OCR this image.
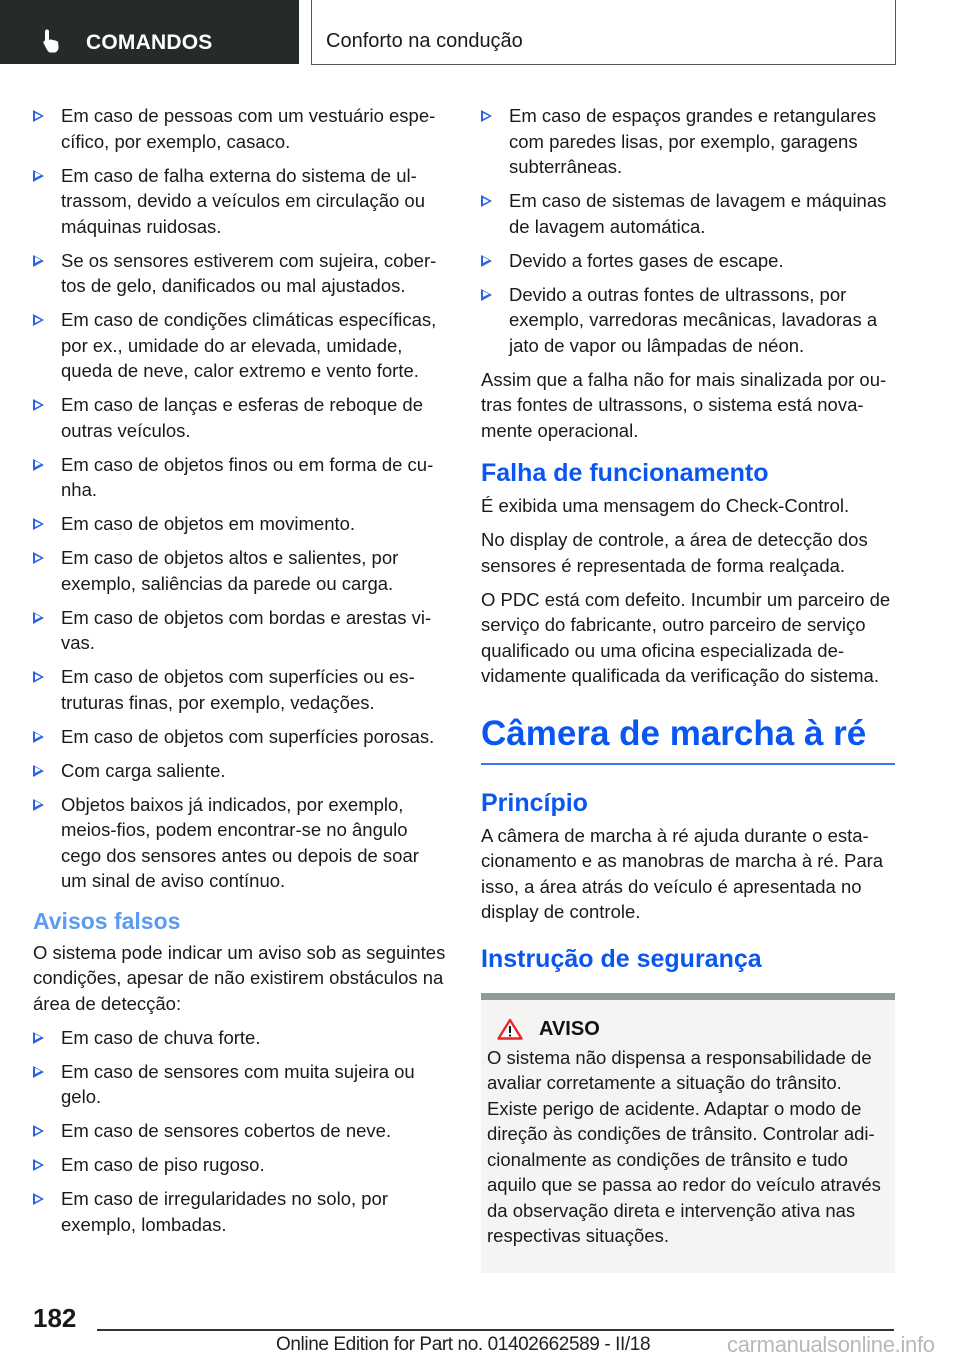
COMANDOS	Conforto na condução
Em caso de pessoas com um vestuário específico, por exemplo, casaco.
Em caso de falha externa do sistema de ultrassom, devido a veículos em circulação ou máquinas ruidosas.
Se os sensores estiverem com sujeira, cobertos de gelo, danificados ou mal ajustados.
Em caso de condições climáticas específicas, por ex., umidade do ar elevada, umidade, queda de neve, calor extremo e vento forte.
Em caso de lanças e esferas de reboque de outras veículos.
Em caso de objetos finos ou em forma de cunha.
Em caso de objetos em movimento.
Em caso de objetos altos e salientes, por exemplo, saliências da parede ou carga.
Em caso de objetos com bordas e arestas vivas.
Em caso de objetos com superfícies ou estruturas finas, por exemplo, vedações.
Em caso de objetos com superfícies porosas.
Com carga saliente.
Objetos baixos já indicados, por exemplo, meios-fios, podem encontrar-se no ângulo cego dos sensores antes ou depois de soar um sinal de aviso contínuo.
Avisos falsos

O sistema pode indicar um aviso sob as seguintes condições, apesar de não existirem obstáculos na área de detecção:

Em caso de chuva forte.
Em caso de sensores com muita sujeira ou gelo.
Em caso de sensores cobertos de neve.
Em caso de piso rugoso.
Em caso de irregularidades no solo, por exemplo, lombadas.
Em caso de espaços grandes e retangulares com paredes lisas, por exemplo, garagens subterrâneas.
Em caso de sistemas de lavagem e máquinas de lavagem automática.
Devido a fortes gases de escape.
Devido a outras fontes de ultrassons, por exemplo, varredoras mecânicas, lavadoras a jato de vapor ou lâmpadas de néon.

Assim que a falha não for mais sinalizada por outras fontes de ultrassons, o sistema está novamente operacional.

Falha de funcionamento

É exibida uma mensagem do Check-Control.

No display de controle, a área de detecção dos sensores é representada de forma realçada.

O PDC está com defeito. Incumbir um parceiro de serviço do fabricante, outro parceiro de serviço qualificado ou uma oficina especializada devidamente qualificada da verificação do sistema.

Câmera de marcha à ré
Princípio

A câmera de marcha à ré ajuda durante o estacionamento e as manobras de marcha à ré. Para isso, a área atrás do veículo é apresentada no display de controle.

Instrução de segurança
AVISO

O sistema não dispensa a responsabilidade de avaliar corretamente a situação do trânsito. Existe perigo de acidente. Adaptar o modo de direção às condições de trânsito. Controlar adicionalmente as condições de trânsito e tudo aquilo que se passa ao redor do veículo através da observação direta e intervenção ativa nas respectivas situações.

182
Online Edition for Part no. 01402662589 - II/18	carmanualsonline.info
